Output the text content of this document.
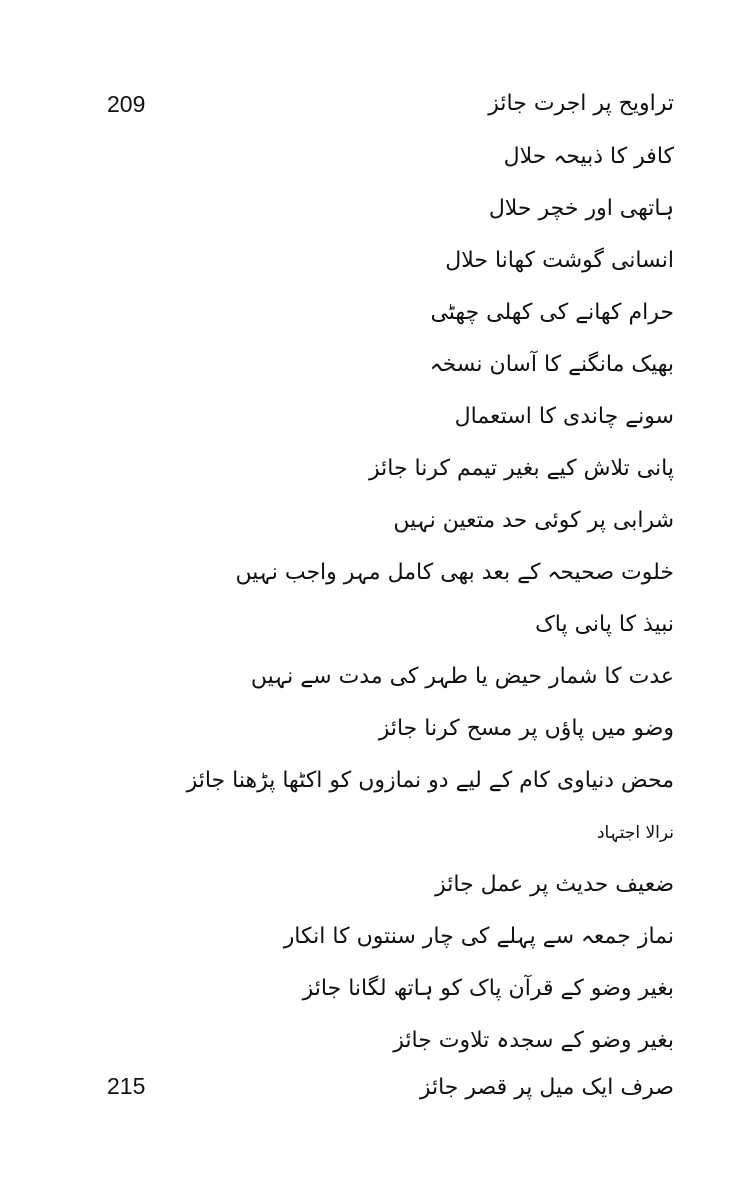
تراویح پر اجرت جائز
209
کافر کا ذبیحہ حلال
ہاتھی اور خچر حلال
انسانی گوشت کھانا حلال
حرام کھانے کی کھلی چھٹی
بھیک مانگنے کا آسان نسخہ
سونے چاندی کا استعمال
پانی تلاش کیے بغیر تیمم کرنا جائز
شرابی پر کوئی حد متعین نہیں
خلوت صحیحہ کے بعد بھی کامل مہر واجب نہیں
نبیذ کا پانی پاک
عدت کا شمار حیض یا طہر کی مدت سے نہیں
وضو میں پاؤں پر مسح کرنا جائز
محض دنیاوی کام کے لیے دو نمازوں کو اکٹھا پڑھنا جائز
نرالا اجتہاد
ضعیف حدیث پر عمل جائز
نماز جمعہ سے پہلے کی چار سنتوں کا انکار
بغیر وضو کے قرآن پاک کو ہاتھ لگانا جائز
بغیر وضو کے سجدہ تلاوت جائز
صرف ایک میل پر قصر جائز
215
